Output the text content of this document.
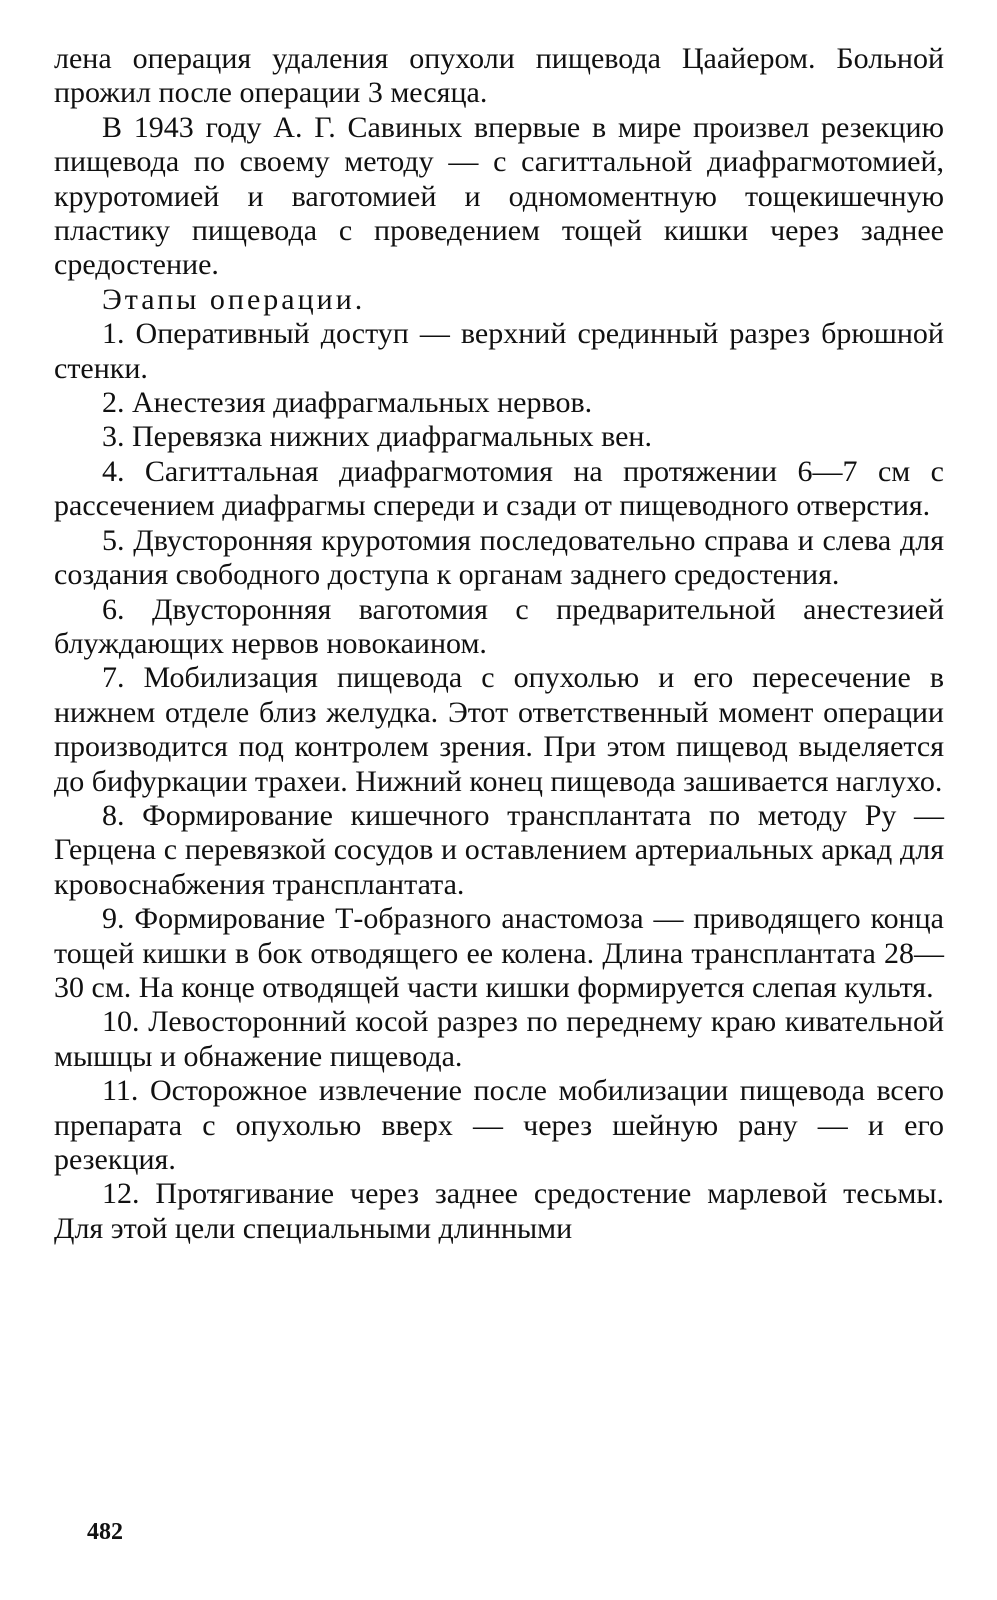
лена операция удаления опухоли пищевода Цаайером. Больной прожил после операции 3 месяца.

В 1943 году А. Г. Савиных впервые в мире произвел резекцию пищевода по своему методу — с сагиттальной диафрагмотомией, круротомией и ваготомией и одномоментную тощекишечную пластику пищевода с проведением тощей кишки через заднее средостение.

Этапы операции.

1. Оперативный доступ — верхний срединный разрез брюшной стенки.

2. Анестезия диафрагмальных нервов.

3. Перевязка нижних диафрагмальных вен.

4. Сагиттальная диафрагмотомия на протяжении 6—7 см с рассечением диафрагмы спереди и сзади от пищеводного отверстия.

5. Двусторонняя круротомия последовательно справа и слева для создания свободного доступа к органам заднего средостения.

6. Двусторонняя ваготомия с предварительной анестезией блуждающих нервов новокаином.

7. Мобилизация пищевода с опухолью и его пересечение в нижнем отделе близ желудка. Этот ответственный момент операции производится под контролем зрения. При этом пищевод выделяется до бифуркации трахеи. Нижний конец пищевода зашивается наглухо.

8. Формирование кишечного трансплантата по методу Ру — Герцена с перевязкой сосудов и оставлением артериальных аркад для кровоснабжения трансплантата.

9. Формирование Т-образного анастомоза — приводящего конца тощей кишки в бок отводящего ее колена. Длина трансплантата 28—30 см. На конце отводящей части кишки формируется слепая культя.

10. Левосторонний косой разрез по переднему краю кивательной мышцы и обнажение пищевода.

11. Осторожное извлечение после мобилизации пищевода всего препарата с опухолью вверх — через шейную рану — и его резекция.

12. Протягивание через заднее средостение марлевой тесьмы. Для этой цели специальными длинными

482
